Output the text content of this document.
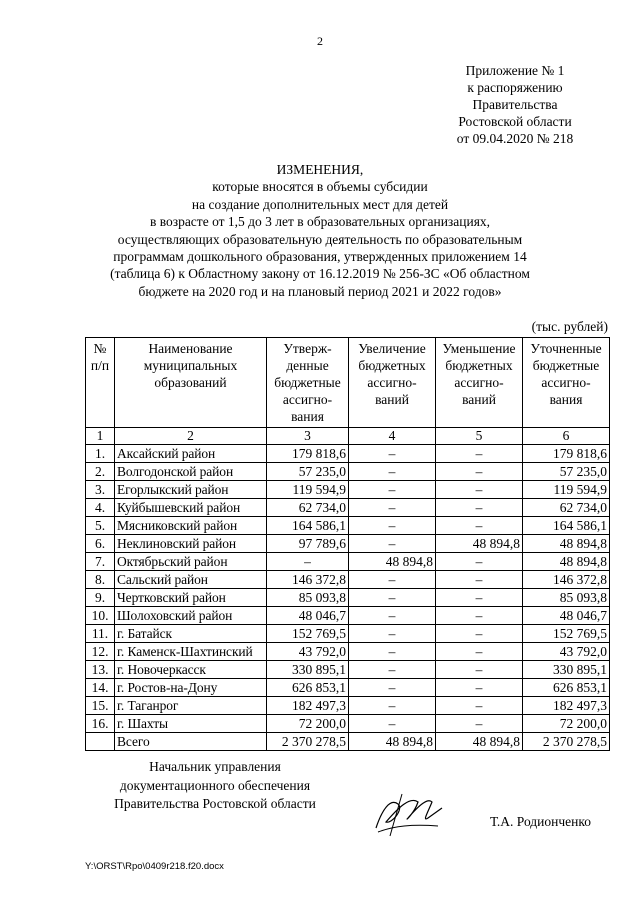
2
Приложение № 1
к распоряжению
Правительства
Ростовской области
от 09.04.2020 № 218
ИЗМЕНЕНИЯ,
которые вносятся в объемы субсидии
на создание дополнительных мест для детей
в возрасте от 1,5 до 3 лет в образовательных организациях,
осуществляющих образовательную деятельность по образовательным
программам дошкольного образования, утвержденных приложением 14
(таблица 6) к Областному закону от 16.12.2019 № 256-ЗС «Об областном
бюджете на 2020 год и на плановый период 2021 и 2022 годов»
(тыс. рублей)
№ п/п	Наименование муниципальных образований	Утверж-денные бюджетные ассигно-вания	Увеличение бюджетных ассигно-ваний	Уменьшение бюджетных ассигно-ваний	Уточненные бюджетные ассигно-вания
1	2	3	4	5	6
1.	Аксайский район	179 818,6	–	–	179 818,6
2.	Волгодонской район	57 235,0	–	–	57 235,0
3.	Егорлыкский район	119 594,9	–	–	119 594,9
4.	Куйбышевский район	62 734,0	–	–	62 734,0
5.	Мясниковский район	164 586,1	–	–	164 586,1
6.	Неклиновский район	97 789,6	–	48 894,8	48 894,8
7.	Октябрьский район	–	48 894,8	–	48 894,8
8.	Сальский район	146 372,8	–	–	146 372,8
9.	Чертковский район	85 093,8	–	–	85 093,8
10.	Шолоховский район	48 046,7	–	–	48 046,7
11.	г. Батайск	152 769,5	–	–	152 769,5
12.	г. Каменск-Шахтинский	43 792,0	–	–	43 792,0
13.	г. Новочеркасск	330 895,1	–	–	330 895,1
14.	г. Ростов-на-Дону	626 853,1	–	–	626 853,1
15.	г. Таганрог	182 497,3	–	–	182 497,3
16.	г. Шахты	72 200,0	–	–	72 200,0
	Всего	2 370 278,5	48 894,8	48 894,8	2 370 278,5
Начальник управления
документационного обеспечения
Правительства Ростовской области
Т.А. Родионченко
Y:\ORST\Rpo\0409r218.f20.docx
